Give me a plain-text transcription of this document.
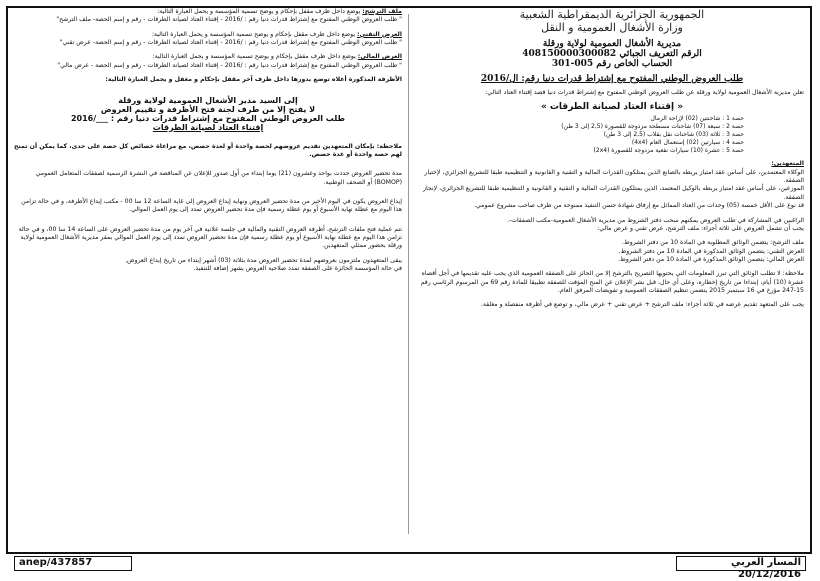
ملف الترشح: يوضع داخل ظرف مقفل بإحكام و يوضح تسمية المؤسسة و يحمل العبارة التالية:

" طلب العروض الوطني المفتوح مع إشتراط قدرات دنيا رقم : /2016 - إقتناء العتاد لصيانة الطرقات - رقم و إسم الحصة- ملف الترشح"

العرض التقني: يوضع داخل ظرف مقفل بإحكام و يوضح تسمية المؤسسة و يحمل العبارة التالية:

" طلب العروض الوطني المفتوح مع إشتراط قدرات دنيا رقم : /2016 - إقتناء العتاد لصيانة الطرقات - رقم و إسم الحصة- عرض تقني"

العرض المالي: يوضع داخل ظرف مقفل بإحكام و يوضح تسمية المؤسسة و يحمل العبارة التالية:

" طلب العروض الوطني المفتوح مع إشتراط قدرات دنيا رقم : /2016 - إقتناء العتاد لصيانة الطرقات - رقم و إسم الحصة - عرض مالي"

الأظرفة المذكورة أعلاه توضع بدورها داخل ظرف آخر مقفل بإحكام و مغفل و يحمل العبارة التالية:

إلى السيد مدير الأشغال العمومية لولاية ورقلة

لا يفتح إلا من طرف لجنة فتح الأظرفة و تقييم العروض

طلب العروض الوطني المفتوح مع إشتراط قدرات دنيا رقم : ___/2016

إقتناء العتاد لصيانة الطرقات

ملاحظة: بإمكان المتعهدين تقديم عروضهم لحصة واحدة أو لعدة حصص، مع مراعاة خصائص كل حصة على حدى، كما يمكن أن تمنح لهم حصة واحدة أو عدة حصص.

مدة تحضير العروض حددت بواحد وعشرون (21) يوما إبتداء من أول صدور للإعلان عن المناقصة في النشرة الرسمية لصفقات المتعامل العمومي (BOMOP) أو الصحف الوطنية.

إيداع العروض يكون في اليوم الأخير من مدة تحضير العروض ونهاية إيداع العروض إلى غاية الساعة 12 سا 00 - مكتب إيداع الأظرفة، و في حالة تزامن هذا اليوم مع عطلة نهاية الأسبوع أو يوم عطلة رسمية فإن مدة تحضير العروض تمدد إلى يوم العمل الموالي.

تتم عملية فتح ملفات الترشح، أظرفة العروض التقنية والمالية في جلسة علانية في آخر يوم من مدة تحضير العروض على الساعة 14 سا 00، و في حالة تزامن هذا اليوم مع عطلة نهاية الأسبوع أو يوم عطلة رسمية فإن مدة تحضير العروض تمدد إلى يوم العمل الموالي بمقر مديرية الأشغال العمومية لولاية ورقلة بحضور ممثلي المتعهدين.

يبقى المتعهدون ملتزمون بعروضهم لمدة تحضير العروض مدة بثلاثة (03) أشهر إبتداء من تاريخ إيداع العروض.

في حالة المؤسسة الحائزة على الصفقة تمدد صلاحية العروض بشهر إضافة للتنفيذ.

الجمهورية الجزائرية الديمقراطية الشعبية

وزارة الأشغال العمومية و النقل

مديرية الأشغال العمومية لولاية ورقلة

الرقم التعريف الجبائي 408150000300082

الحساب الخاص رقم 005-301

طلب العروض الوطني المفتوح مع إشتراط قدرات دنيا رقم: ال/2016

تعلن مديرية الأشغال العمومية لولاية ورقلة عن طلب العروض الوطني المفتوح مع إشتراط قدرات دنيا قصد إقتناء العتاد التالي:

« إقتناء العتاد لصيانة الطرقات »

حصة 1 : شاحنتين (02) لإزاحة الرمال

حصة 2 : سبعة (07) شاحنات مسطحة مزدوجة للقصورة (2,5 إلى 3 طن)

حصة 3 : ثلاثة (03) شاحنات نقل بقلاب (2,5 إلى 3 طن)

حصة 4 : سيارتين (02) إستعمال العام (4x4)

حصة 5 : عشرة (10) سيارات نفعية مزدوجة للقصورة (2x4)

المتعهدين:

الوكلاء المعتمدين، على أساس عقد امتياز يربطه بالصانع الذين يمتلكون القدرات المالية و التقنية و القانونية و التنظيمية طبقا للتشريع الجزائري، لإختيار الصفقة.

الموزعين، على أساس عقد امتياز يربطه بالوكيل المعتمد، الذين يمتلكون القدرات المالية و التقنية و القانونية و التنظيمية طبقا للتشريع الجزائري، لإنجاز الصفقة.

قد نوع على الأقل خمسة (05) وحدات من العتاد المماثل مع إرفاق شهادة حسن التنفيذ ممنوحة من طرف صاحب مشروع عمومي.

الراغبين في المشاركة في طلب العروض يمكنهم سحب دفتر الشروط من مديرية الأشغال العمومية-مكتب الصفقات-.

يجب أن تشمل العروض على ثلاثة أجزاء: ملف الترشح، عرض تقني و عرض مالي:

ملف الترشح: يتضمن الوثائق المطلوبة في المادة 10 من دفتر الشروط.

العرض التقني: يتضمن الوثائق المذكورة في المادة 10 من دفتر الشروط.

العرض المالي: يتضمن الوثائق المذكورة في المادة 10 من دفتر الشروط.

ملاحظة: لا تطلب الوثائق التي تبرر المعلومات التي يحتويها التصريح بالترشح إلا من الحائز على الصفقة العمومية الذي يجب عليه تقديمها في أجل أقصاه عشرة (10) أيام، إبتداءا من تاريخ إخطاره، وعلى أي حال، قبل نشر الإعلان عن المنح المؤقت للصفقة تطبيقا للمادة رقم 69 من المرسوم الرئاسي رقم 15-247 مؤرخ في 16 سبتمبر 2015 يتضمن تنظيم الصفقات العمومية و تفويضات المرفق العام.

يجب على المتعهد تقديم عرضه في ثلاثة أجزاء: ملف الترشح + عرض تقني + عرض مالي، و توضع في أظرفة منفصلة و مغلقة.

anep/437857	المسار العربي 20/12/2016
